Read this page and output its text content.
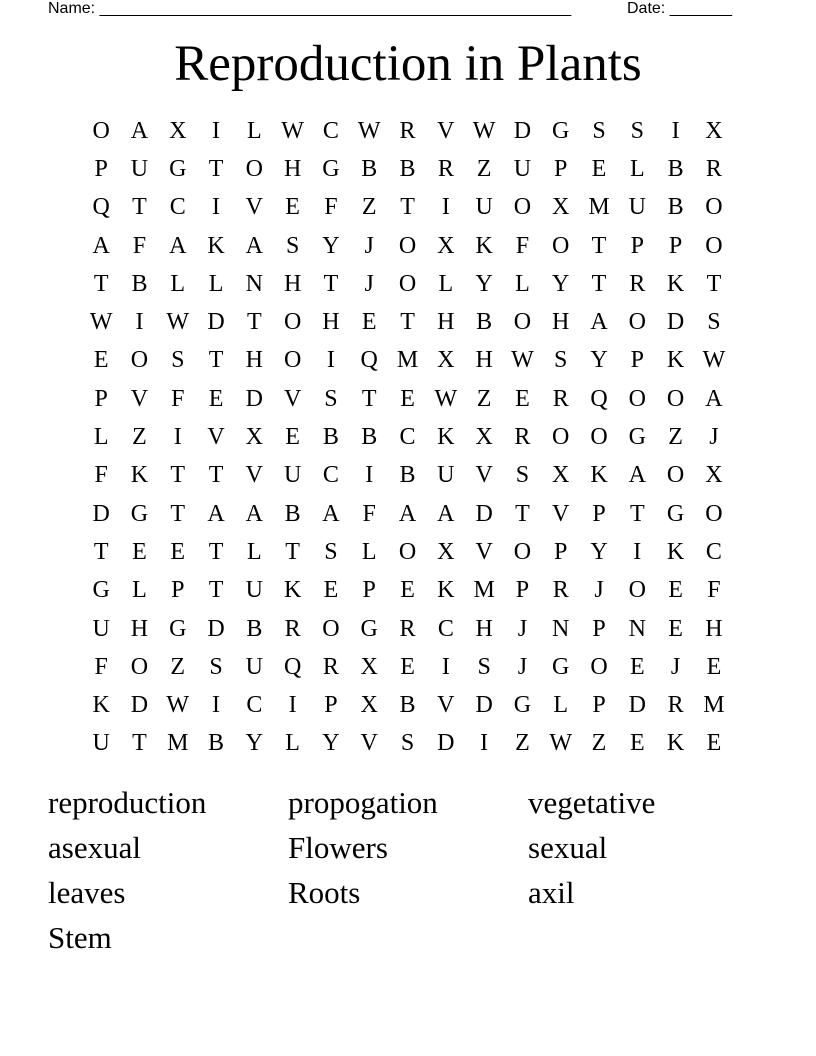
Name: _____________________________________________________

	Date: _______

Reproduction in Plants
O A X	I	L W C W R V W D G S	S	I	X
P U G T O H G B B R Z U P	E L B R
Q T C	I	V E	F	Z T	I	U O X M U B O
A F A K A S Y	J	O X K F O T	P	P O
T B L L N H T	J	O L Y L Y T R K T
W I W D T O H E T H B O H A O D S
E O S	T H O	I	Q M X H W S Y P K W
P V F	E D V S	T E W Z E R Q O O A
L Z	I	V X E B B C K X R O O G Z	J
F K T T V U C	I	B U V S X K A O X
D G T A A B A F A A D T V P	T G O
T E E T L T	S	L O X V O P Y	I	K C
G L	P	T U K E	P	E K M P R	J	O E	F
U H G D B R O G R C H	J	N P N E H
F O Z	S U Q R X E	I	S	J	G O E	J	E
K D W I	C	I	P X B V D G L	P D R M
U T M B Y L Y V S D	I	Z W Z E K E
reproduction	propogation	vegetative
asexual	Flowers	sexual
leaves	Roots	axil
Stem
